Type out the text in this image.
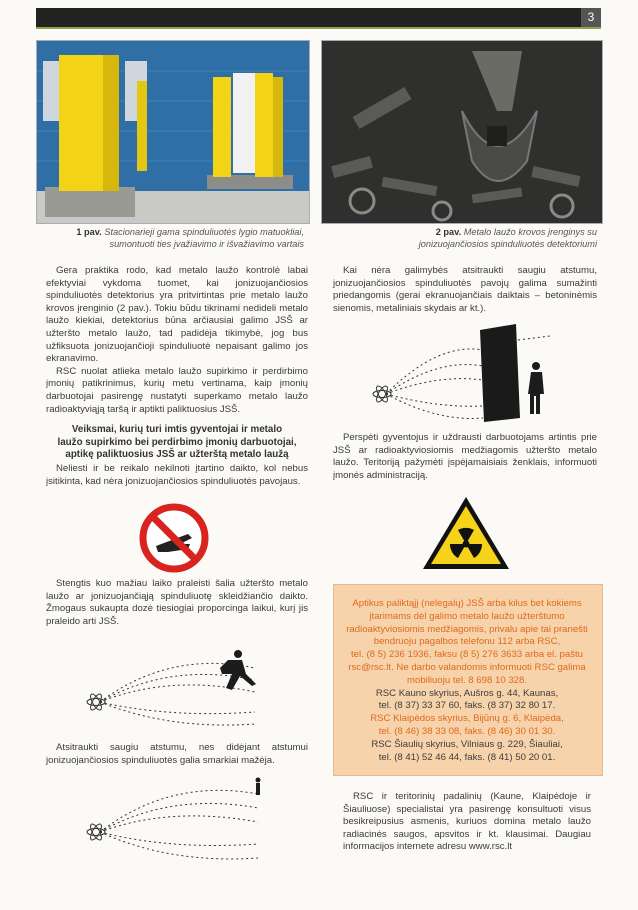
3
1 pav. Stacionarieji gama spinduliuotės lygio matuokliai,
sumontuoti ties įvažiavimo ir išvažiavimo vartais
2 pav. Metalo laužo krovos įrenginys su
jonizuojančiosios spinduliuotės detektoriumi

Gera praktika rodo, kad metalo laužo kontrolė labai efektyviai vykdoma tuomet, kai jonizuojančiosios spinduliuotės detektorius yra pritvirtintas prie metalo laužo krovos įrenginio (2 pav.). Tokiu būdu tikrinami nedideli metalo laužo kiekiai, detektorius būna arčiausiai galimo JSŠ ar užteršto metalo laužo, tad padidėja tikimybė, jog bus užfiksuota jonizuojančioji spinduliuotė nepaisant galimo jos ekranavimo.

RSC nuolat atlieka metalo laužo supirkimo ir perdirbimo įmonių patikrinimus, kurių metu vertinama, kaip įmonių darbuotojai pasirengę nustatyti superkamo metalo laužo radioaktyviąją taršą ir aptikti paliktuosius JSŠ.

Veiksmai, kurių turi imtis gyventojai ir metalo
laužo supirkimo bei perdirbimo įmonių darbuotojai,
aptikę paliktuosius JSŠ ar užterštą metalo laužą

Neliesti ir be reikalo nekilnoti įtartino daikto, kol nebus įsitikinta, kad nėra jonizuojančiosios spinduliuotės pavojaus.

Stengtis kuo mažiau laiko praleisti šalia užteršto metalo laužo ar jonizuojančiąją spinduliuotę skleidžiančio daikto. Žmogaus sukaupta dozė tiesiogiai proporcinga laikui, kurį jis praleido arti JSŠ.

Atsitraukti saugiu atstumu, nes didėjant atstumui jonizuojančiosios spinduliuotės galia smarkiai mažėja.

Kai nėra galimybės atsitraukti saugiu atstumu, jonizuojančiosios spinduliuotės pavojų galima sumažinti priedangomis (gerai ekranuojančiais daiktais – betoninėmis sienomis, metaliniais skydais ar kt.).

Perspėti gyventojus ir uždrausti darbuotojams artintis prie JSŠ ar radioaktyviosiomis medžiagomis užteršto metalo laužo. Teritoriją pažymėti įspėjamaisiais ženklais, informuoti įmonės administraciją.

Aptikus paliktąjį (nelegalų) JSŠ arba kilus bet kokiems įtarimams dėl galimo metalo laužo užterštumo radioaktyviosiomis medžiagomis, privalu apie tai pranešti bendruoju pagalbos telefonu 112 arba RSC,
tel. (8 5) 236 1936, faksu (8 5) 276 3633 arba el. paštu
rsc@rsc.lt. Ne darbo valandomis informuoti RSC galima mobiliuoju tel. 8 698 10 328.
RSC Kauno skyrius, Aušros g. 44, Kaunas,
tel. (8 37) 33 37 60, faks. (8 37) 32 80 17.
RSC Klaipėdos skyrius, Bijūnų g. 6, Klaipėda,
tel. (8 46) 38 33 08, faks. (8 46) 30 01 30.
RSC Šiaulių skyrius, Vilniaus g. 229, Šiauliai,
tel. (8 41) 52 46 44, faks. (8 41) 50 20 01.

RSC ir teritorinių padalinių (Kaune, Klaipėdoje ir Šiauliuose) specialistai yra pasirengę konsultuoti visus besikreipusius asmenis, kuriuos domina metalo laužo radiacinės saugos, apsvitos ir kt. klausimai. Daugiau informacijos internete adresu www.rsc.lt
